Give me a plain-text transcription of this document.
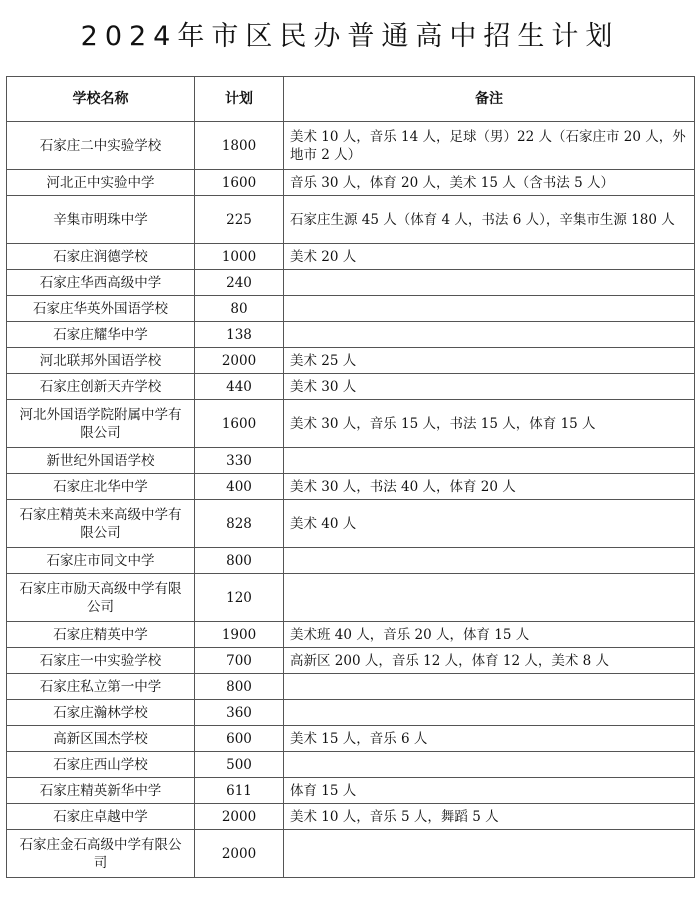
2024年市区民办普通高中招生计划
学校名称	计划	备注
石家庄二中实验学校	1800	美术 10 人，音乐 14 人，足球（男）22 人（石家庄市 20 人，外地市 2 人）
河北正中实验中学	1600	音乐 30 人，体育 20 人，美术 15 人（含书法 5 人）
辛集市明珠中学	225	石家庄生源 45 人（体育 4 人，书法 6 人），辛集市生源 180 人
石家庄润德学校	1000	美术 20 人
石家庄华西高级中学	240	
石家庄华英外国语学校	80	
石家庄耀华中学	138	
河北联邦外国语学校	2000	美术 25 人
石家庄创新天卉学校	440	美术 30 人
河北外国语学院附属中学有限公司	1600	美术 30 人，音乐 15 人，书法 15 人，体育 15 人
新世纪外国语学校	330	
石家庄北华中学	400	美术 30 人，书法 40 人，体育 20 人
石家庄精英未来高级中学有限公司	828	美术 40 人
石家庄市同文中学	800	
石家庄市励天高级中学有限公司	120	
石家庄精英中学	1900	美术班 40 人，音乐 20 人，体育 15 人
石家庄一中实验学校	700	高新区 200 人，音乐 12 人，体育 12 人，美术 8 人
石家庄私立第一中学	800	
石家庄瀚林学校	360	
高新区国杰学校	600	美术 15 人，音乐 6 人
石家庄西山学校	500	
石家庄精英新华中学	611	体育 15 人
石家庄卓越中学	2000	美术 10 人，音乐 5 人，舞蹈 5 人
石家庄金石高级中学有限公司	2000	
